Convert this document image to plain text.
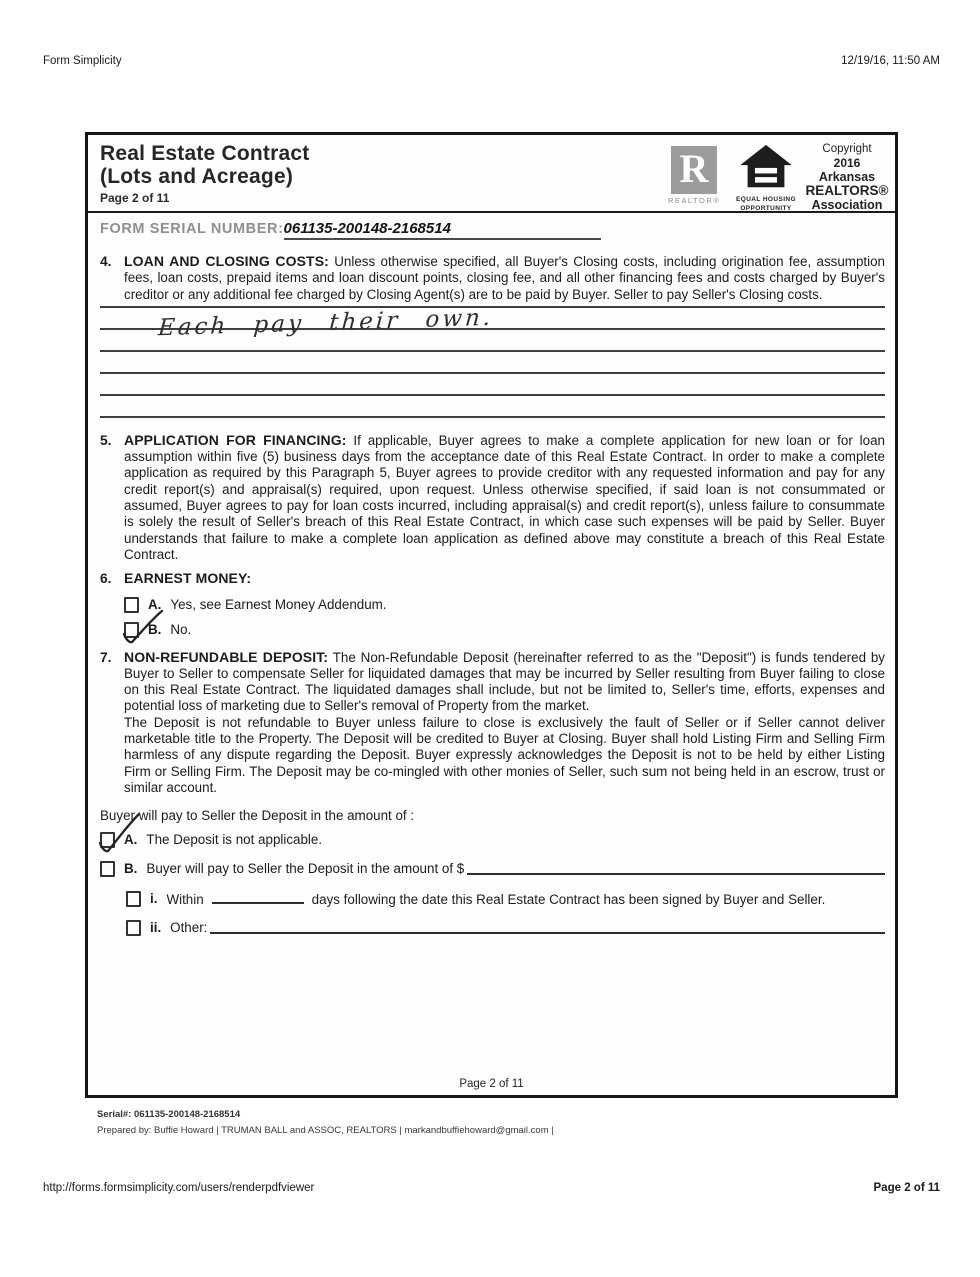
Form Simplicity	12/19/16, 11:50 AM
http://forms.formsimplicity.com/users/renderpdfviewer	Page 2 of 11
Real Estate Contract
(Lots and Acreage)
Page 2 of 11
R
REALTOR®	EQUAL HOUSING
OPPORTUNITY
Copyright
2016
Arkansas
REALTORS®
Association
FORM SERIAL NUMBER:061135-200148-2168514

4. LOAN AND CLOSING COSTS: Unless otherwise specified, all Buyer's Closing costs, including origination fee, assumption fees, loan costs, prepaid items and loan discount points, closing fee, and all other financing fees and costs charged by Buyer's creditor or any additional fee charged by Closing Agent(s) are to be paid by Buyer. Seller to pay Seller's Closing costs.

Each pay their own.

5. APPLICATION FOR FINANCING: If applicable, Buyer agrees to make a complete application for new loan or for loan assumption within five (5) business days from the acceptance date of this Real Estate Contract. In order to make a complete application as required by this Paragraph 5, Buyer agrees to provide creditor with any requested information and pay for any credit report(s) and appraisal(s) required, upon request. Unless otherwise specified, if said loan is not consummated or assumed, Buyer agrees to pay for loan costs incurred, including appraisal(s) and credit report(s), unless failure to consummate is solely the result of Seller's breach of this Real Estate Contract, in which case such expenses will be paid by Seller. Buyer understands that failure to make a complete loan application as defined above may constitute a breach of this Real Estate Contract.

6. EARNEST MONEY:

A. Yes, see Earnest Money Addendum.
B. No.

7. NON-REFUNDABLE DEPOSIT: The Non-Refundable Deposit (hereinafter referred to as the "Deposit") is funds tendered by Buyer to Seller to compensate Seller for liquidated damages that may be incurred by Seller resulting from Buyer failing to close on this Real Estate Contract. The liquidated damages shall include, but not be limited to, Seller's time, efforts, expenses and potential loss of marketing due to Seller's removal of Property from the market.

The Deposit is not refundable to Buyer unless failure to close is exclusively the fault of Seller or if Seller cannot deliver marketable title to the Property. The Deposit will be credited to Buyer at Closing. Buyer shall hold Listing Firm and Selling Firm harmless of any dispute regarding the Deposit. Buyer expressly acknowledges the Deposit is not to be held by either Listing Firm or Selling Firm. The Deposit may be co-mingled with other monies of Seller, such sum not being held in an escrow, trust or similar account.

Buyer will pay to Seller the Deposit in the amount of :
A. The Deposit is not applicable.
B. Buyer will pay to Seller the Deposit in the amount of $
i. Within	days following the date this Real Estate Contract has been signed by Buyer and Seller.
ii. Other:
Page 2 of 11
Serial#: 061135-200148-2168514
Prepared by: Buffie Howard | TRUMAN BALL and ASSOC, REALTORS | markandbuffiehoward@gmail.com |
